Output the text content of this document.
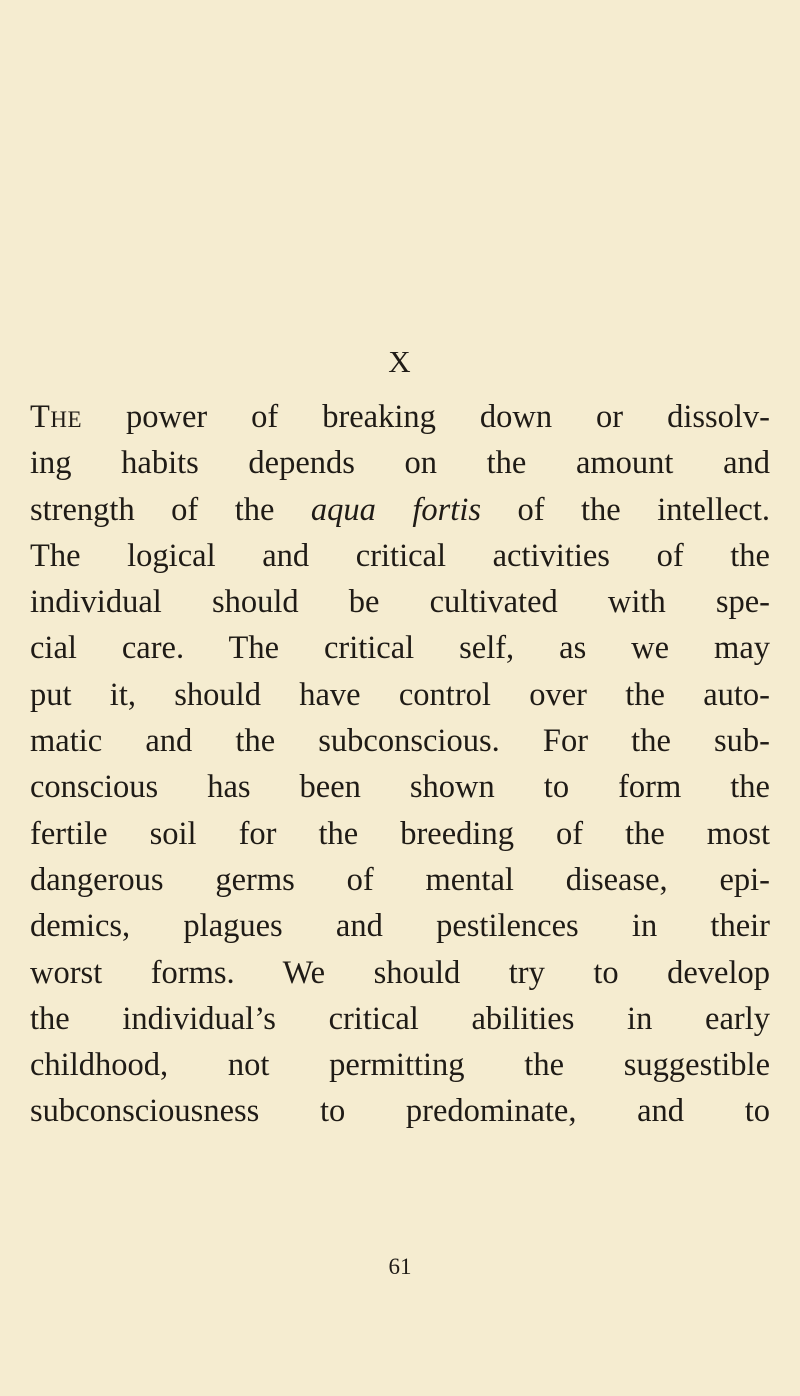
X
The power of breaking down or dissolv-
ing habits depends on the amount and
strength of the aqua fortis of the intellect.
The logical and critical activities of the
individual should be cultivated with spe-
cial care. The critical self, as we may
put it, should have control over the auto-
matic and the subconscious. For the sub-
conscious has been shown to form the
fertile soil for the breeding of the most
dangerous germs of mental disease, epi-
demics, plagues and pestilences in their
worst forms. We should try to develop
the individual’s critical abilities in early
childhood, not permitting the suggestible
subconsciousness to predominate, and to
61
